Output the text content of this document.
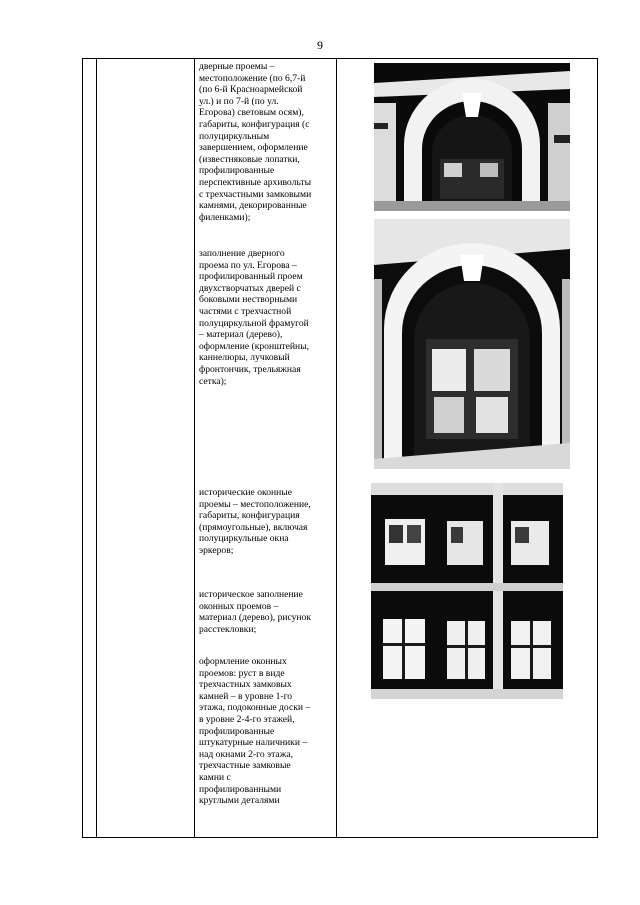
9

дверные проемы –

местоположение (по 6,7-й

(по 6-й Красноармейской

ул.) и по 7-й (по ул.

Егорова) световым осям),

габариты, конфигурация (с

полуциркульным

завершением, оформление

(известняковые лопатки,

профилированные

перспективные архивольты

с трехчастными замковыми

камнями, декорированные

филенками);

заполнение дверного

проема по ул. Егорова –

профилированный проем

двухстворчатых дверей с

боковыми нестворными

частями с трехчастной

полуциркульной фрамугой

– материал (дерево),

оформление (кронштейны,

каннелюры, лучковый

фронтончик, трельяжная

сетка);

исторические оконные

проемы – местоположение,

габариты, конфигурация

(прямоугольные), включая

полуциркульные окна

эркеров;

историческое заполнение

оконных проемов –

материал (дерево), рисунок

расстекловки;

оформление оконных

проемов: руст в виде

трехчастных замковых

камней – в уровне 1-го

этажа, подоконные доски –

в уровне 2-4-го этажей,

профилированные

штукатурные наличники –

над окнами 2-го этажа,

трехчастные замковые

камни с

профилированными

круглыми деталями
